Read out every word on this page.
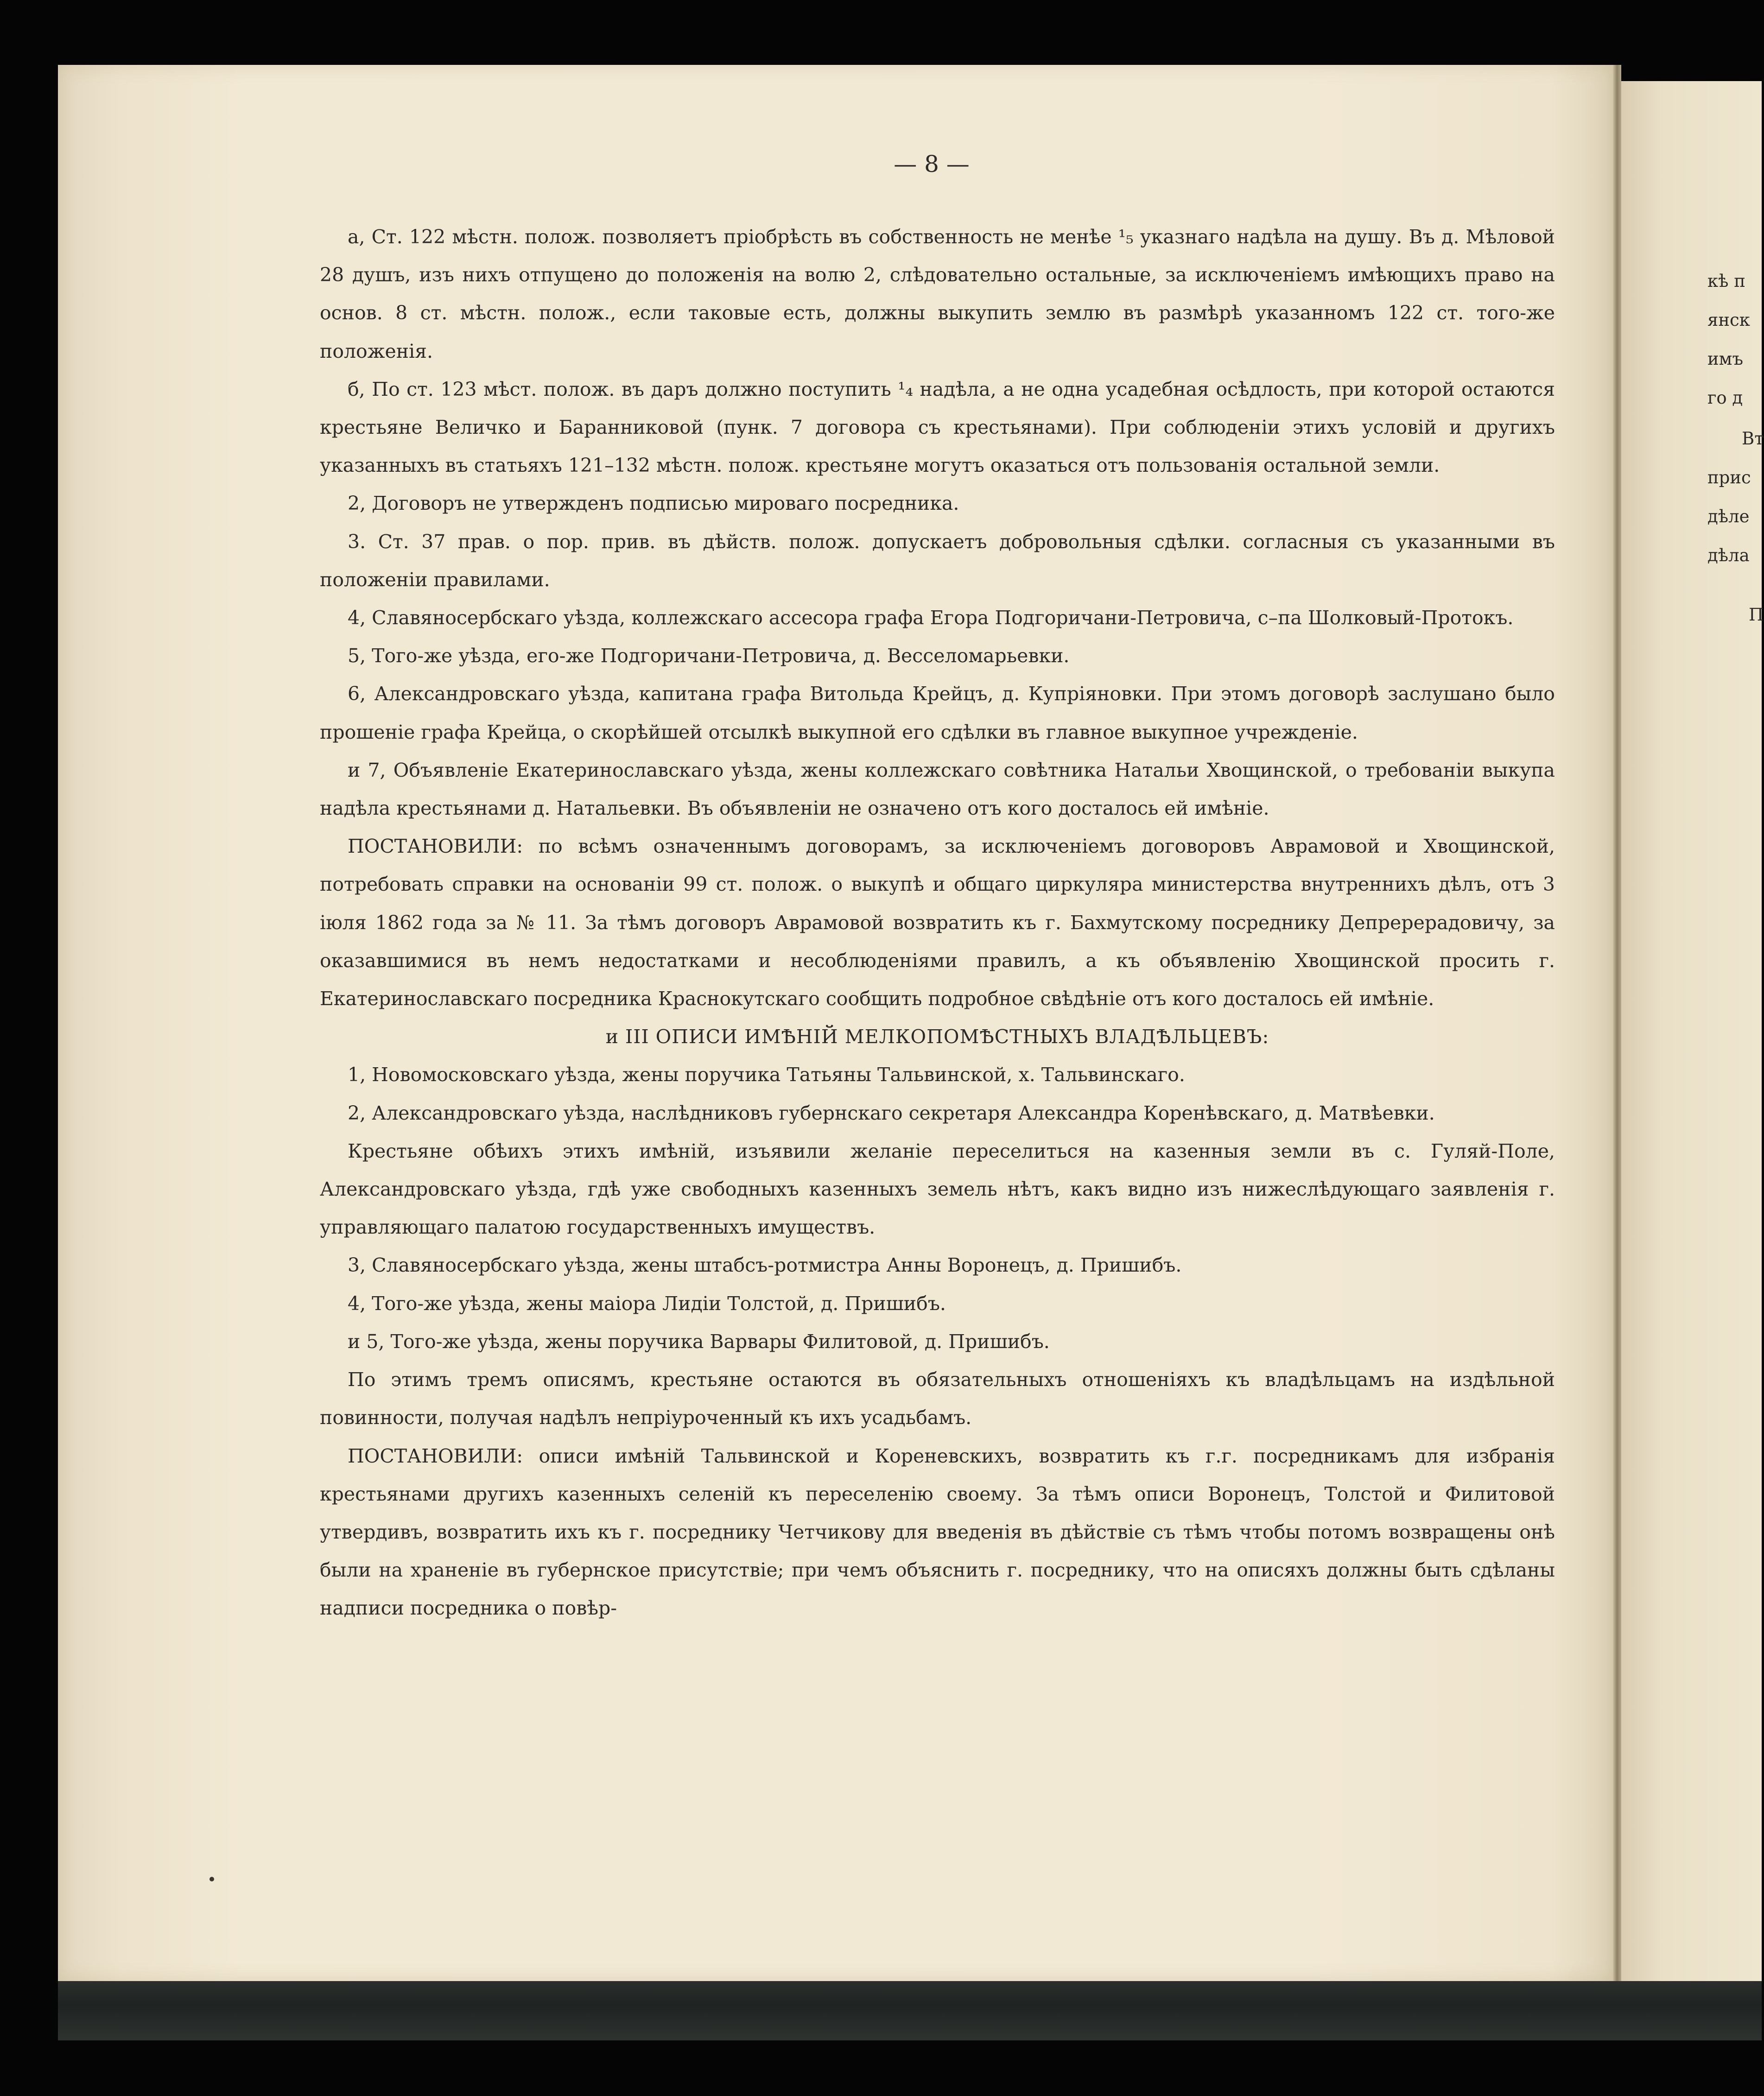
кѣ п
янск
имъ
го д
Вт
прис
дѣле
дѣла
П
— 8 —

а, Ст. 122 мѣстн. полож. позволяетъ пріобрѣсть въ собственность не менѣе ¹₅ указнаго надѣла на душу. Въ д. Мѣловой 28 душъ, изъ нихъ отпущено до положенія на волю 2, слѣдовательно остальные, за исключеніемъ имѣющихъ право на основ. 8 ст. мѣстн. полож., если таковые есть, должны выкупить землю въ размѣрѣ указанномъ 122 ст. того-же положенія.

б, По ст. 123 мѣст. полож. въ даръ должно поступить ¹₄ надѣла, а не одна усадебная осѣдлость, при которой остаются крестьяне Величко и Баранниковой (пунк. 7 договора съ крестьянами). При соблюденіи этихъ условій и другихъ указанныхъ въ статьяхъ 121–132 мѣстн. полож. крестьяне могутъ оказаться отъ пользованія остальной земли.

2, Договоръ не утвержденъ подписью мироваго посредника.

3. Ст. 37 прав. о пор. прив. въ дѣйств. полож. допускаетъ добровольныя сдѣлки. согласныя съ указанными въ положеніи правилами.

4, Славяносербскаго уѣзда, коллежскаго ассесора графа Егора Подгоричани-Петровича, с–па Шолковый-Протокъ.

5, Того-же уѣзда, его-же Подгоричани-Петровича, д. Весселомарьевки.

6, Александровскаго уѣзда, капитана графа Витольда Крейцъ, д. Купріяновки. При этомъ договорѣ заслушано было прошеніе графа Крейца, о скорѣйшей отсылкѣ выкупной его сдѣлки въ главное выкупное учрежденіе.

и 7, Объявленіе Екатеринославскаго уѣзда, жены коллежскаго совѣтника Натальи Хвощинской, о требованіи выкупа надѣла крестьянами д. Натальевки. Въ объявленіи не означено отъ кого досталось ей имѣніе.

ПОСТАНОВИЛИ: по всѣмъ означеннымъ договорамъ, за исключеніемъ договоровъ Аврамовой и Хвощинской, потребовать справки на основаніи 99 ст. полож. о выкупѣ и общаго циркуляра министерства внутреннихъ дѣлъ, отъ 3 іюля 1862 года за № 11. За тѣмъ договоръ Аврамовой возвратить къ г. Бахмутскому посреднику Депререрадовичу, за оказавшимися въ немъ недостатками и несоблюденіями правилъ, а къ объявленію Хвощинской просить г. Екатеринославскаго посредника Краснокутскаго сообщить подробное свѣдѣніе отъ кого досталось ей имѣніе.

и III ОПИСИ ИМѢНІЙ МЕЛКОПОМѢСТНЫХЪ ВЛАДѢЛЬЦЕВЪ:

1, Новомосковскаго уѣзда, жены поручика Татьяны Тальвинской, х. Тальвинскаго.

2, Александровскаго уѣзда, наслѣдниковъ губернскаго секретаря Александра Коренѣвскаго, д. Матвѣевки.

Крестьяне обѣихъ этихъ имѣній, изъявили желаніе переселиться на казенныя земли въ с. Гуляй-Поле, Александровскаго уѣзда, гдѣ уже свободныхъ казенныхъ земель нѣтъ, какъ видно изъ нижеслѣдующаго заявленія г. управляющаго палатою государственныхъ имуществъ.

3, Славяносербскаго уѣзда, жены штабсъ-ротмистра Анны Воронецъ, д. Пришибъ.

4, Того-же уѣзда, жены маіора Лидіи Толстой, д. Пришибъ.

и 5, Того-же уѣзда, жены поручика Варвары Филитовой, д. Пришибъ.

По этимъ тремъ описямъ, крестьяне остаются въ обязательныхъ отношеніяхъ къ владѣльцамъ на издѣльной повинности, получая надѣлъ непріуроченный къ ихъ усадьбамъ.

ПОСТАНОВИЛИ: описи имѣній Тальвинской и Кореневскихъ, возвратить къ г.г. посредникамъ для избранія крестьянами другихъ казенныхъ селеній къ переселенію своему. За тѣмъ описи Воронецъ, Толстой и Филитовой утвердивъ, возвратить ихъ къ г. посреднику Четчикову для введенія въ дѣйствіе съ тѣмъ чтобы потомъ возвращены онѣ были на храненіе въ губернское присутствіе; при чемъ объяснить г. посреднику, что на описяхъ должны быть сдѣланы надписи посредника о повѣр-
